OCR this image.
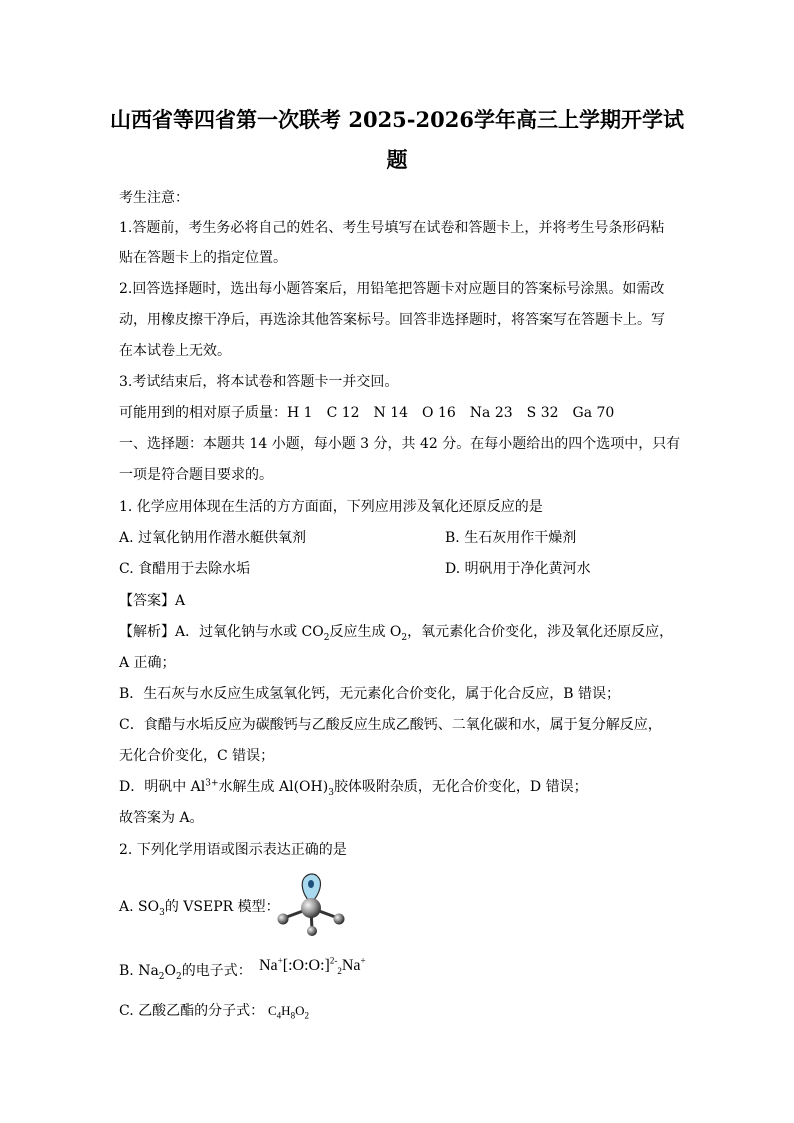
山西省等四省第一次联考 2025-2026学年高三上学期开学试
题
考生注意：
1.答题前，考生务必将自己的姓名、考生号填写在试卷和答题卡上，并将考生号条形码粘
贴在答题卡上的指定位置。
2.回答选择题时，选出每小题答案后，用铅笔把答题卡对应题目的答案标号涂黑。如需改
动，用橡皮擦干净后，再选涂其他答案标号。回答非选择题时，将答案写在答题卡上。写
在本试卷上无效。
3.考试结束后，将本试卷和答题卡一并交回。
可能用到的相对原子质量：H 1　C 12　N 14　O 16　Na 23　S 32　Ga 70
一、选择题：本题共 14 小题，每小题 3 分，共 42 分。在每小题给出的四个选项中，只有
一项是符合题目要求的。
1. 化学应用体现在生活的方方面面，下列应用涉及氧化还原反应的是
A. 过氧化钠用作潜水艇供氧剂	B. 生石灰用作干燥剂
C. 食醋用于去除水垢	D. 明矾用于净化黄河水
【答案】A
【解析】A．过氧化钠与水或 $CO_2$反应生成 $O_2$，氧元素化合价变化，涉及氧化还原反应，
A 正确；
B．生石灰与水反应生成氢氧化钙，无元素化合价变化，属于化合反应，B 错误；
C．食醋与水垢反应为碳酸钙与乙酸反应生成乙酸钙、二氧化碳和水，属于复分解反应，
无化合价变化，C 错误；
D．明矾中 $Al^{3+}$水解生成 $Al(OH)_3$胶体吸附杂质，无化合价变化，D 错误；
故答案为 A。
2. 下列化学用语或图示表达正确的是
A. $SO_3$的 VSEPR 模型：
B. $Na_2O_2$的电子式： Na+[:O:O:]$^{2-}_2$Na+
C. 乙酸乙酯的分子式： $C_4H_8O_2$
